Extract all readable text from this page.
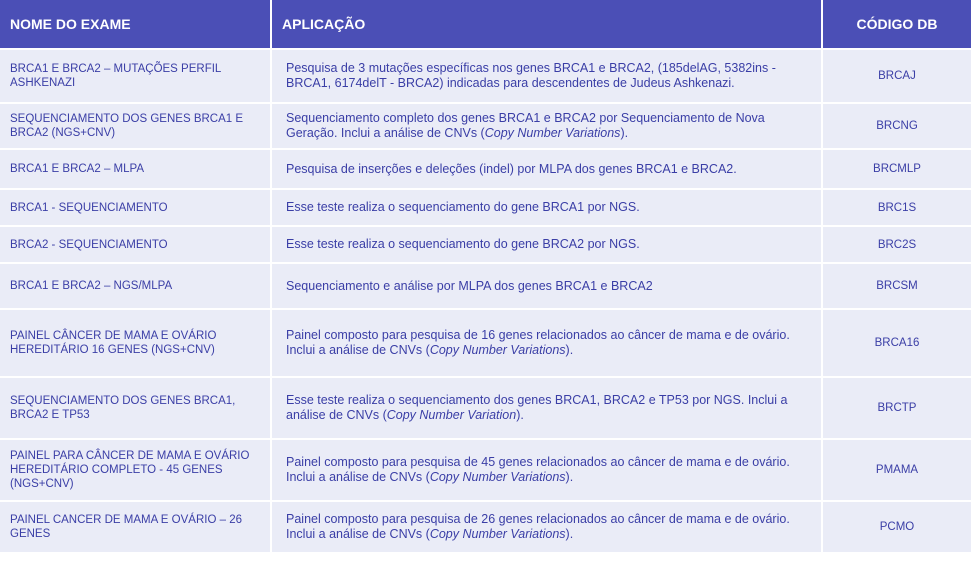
NOME DO EXAME	APLICAÇÃO	CÓDIGO DB
BRCA1 E BRCA2 – MUTAÇÕES PERFIL ASHKENAZI	Pesquisa de 3 mutações específicas nos genes BRCA1 e BRCA2, (185delAG, 5382ins - BRCA1, 6174delT - BRCA2) indicadas para descendentes de Judeus Ashkenazi.	BRCAJ
SEQUENCIAMENTO DOS GENES BRCA1 E BRCA2 (NGS+CNV)	Sequenciamento completo dos genes BRCA1 e BRCA2 por Sequenciamento de Nova Geração. Inclui a análise de CNVs (Copy Number Variations).	BRCNG
BRCA1 E BRCA2 – MLPA	Pesquisa de inserções e deleções (indel) por MLPA dos genes BRCA1 e BRCA2.	BRCMLP
BRCA1 - SEQUENCIAMENTO	Esse teste realiza o sequenciamento do gene BRCA1 por NGS.	BRC1S
BRCA2 - SEQUENCIAMENTO	Esse teste realiza o sequenciamento do gene BRCA2 por NGS.	BRC2S
BRCA1 E BRCA2 – NGS/MLPA	Sequenciamento e análise por MLPA dos genes BRCA1 e BRCA2	BRCSM
PAINEL CÂNCER DE MAMA E OVÁRIO HEREDITÁRIO 16 GENES (NGS+CNV)	Painel composto para pesquisa de 16 genes relacionados ao câncer de mama e de ovário. Inclui a análise de CNVs (Copy Number Variations).	BRCA16
SEQUENCIAMENTO DOS GENES BRCA1, BRCA2 E TP53	Esse teste realiza o sequenciamento dos genes BRCA1, BRCA2 e TP53 por NGS. Inclui a análise de CNVs (Copy Number Variation).	BRCTP
PAINEL PARA CÂNCER DE MAMA E OVÁRIO HEREDITÁRIO COMPLETO - 45 GENES (NGS+CNV)	Painel composto para pesquisa de 45 genes relacionados ao câncer de mama e de ovário. Inclui a análise de CNVs (Copy Number Variations).	PMAMA
PAINEL CANCER DE MAMA E OVÁRIO – 26 GENES	Painel composto para pesquisa de 26 genes relacionados ao câncer de mama e de ovário. Inclui a análise de CNVs (Copy Number Variations).	PCMO
